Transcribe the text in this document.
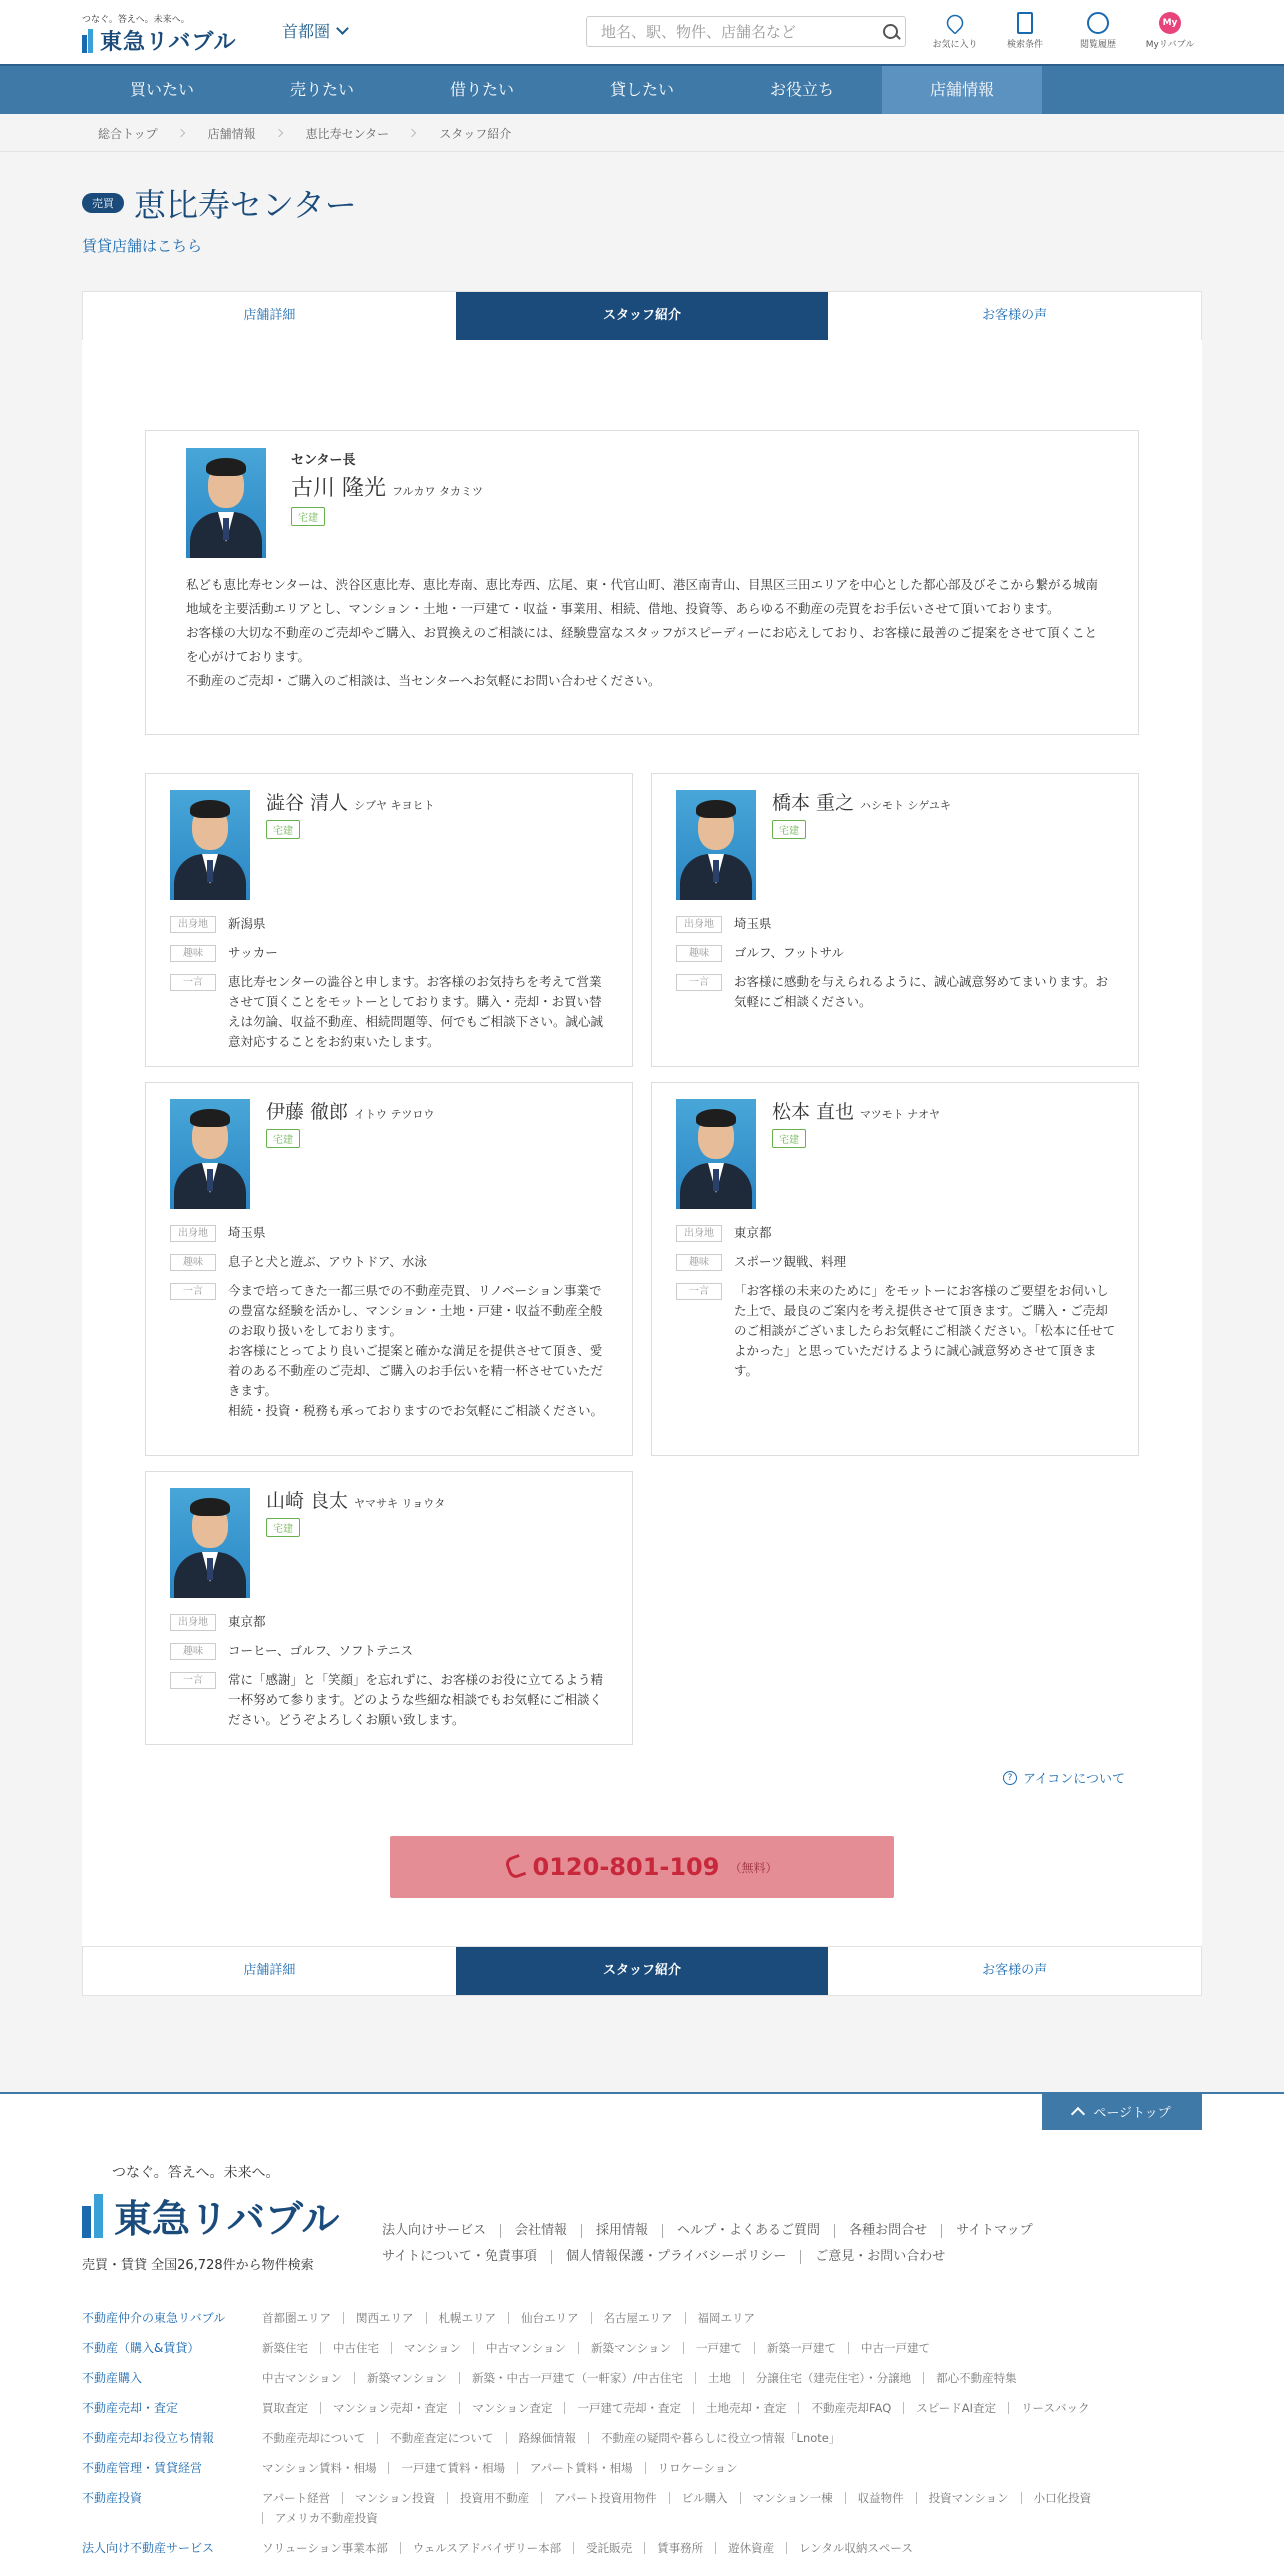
つなぐ。答えへ。未来へ。
東急リバブル	首都圏
地名、駅、物件、店舗名など
お気に入り	検索条件	閲覧履歴
My
Myリバブル
買いたい	売りたい	借りたい	貸したい	お役立ち	店舗情報
総合トップ	店舗情報	恵比寿センター	スタッフ紹介
売買 恵比寿センター
賃貸店舗はこちら
店舗詳細	スタッフ紹介	お客様の声
センター長
古川 隆光 フルカワ タカミツ
宅建

私ども恵比寿センターは、渋谷区恵比寿、恵比寿南、恵比寿西、広尾、東・代官山町、港区南青山、目黒区三田エリアを中心とした都心部及びそこから繋がる城南地域を主要活動エリアとし、マンション・土地・一戸建て・収益・事業用、相続、借地、投資等、あらゆる不動産の売買をお手伝いさせて頂いております。

お客様の大切な不動産のご売却やご購入、お買換えのご相談には、経験豊富なスタッフがスピーディーにお応えしており、お客様に最善のご提案をさせて頂くことを心がけております。

不動産のご売却・ご購入のご相談は、当センターへお気軽にお問い合わせください。

澁谷 清人 シブヤ キヨヒト
宅建
出身地	新潟県
趣味	サッカー
一言	恵比寿センターの澁谷と申します。お客様のお気持ちを考えて営業させて頂くことをモットーとしております。購入・売却・お買い替えは勿論、収益不動産、相続問題等、何でもご相談下さい。誠心誠意対応することをお約束いたします。
橋本 重之 ハシモト シゲユキ
宅建
出身地	埼玉県
趣味	ゴルフ、フットサル
一言	お客様に感動を与えられるように、誠心誠意努めてまいります。お気軽にご相談ください。
伊藤 徹郎 イトウ テツロウ
宅建
出身地	埼玉県
趣味	息子と犬と遊ぶ、アウトドア、水泳
一言	今まで培ってきた一都三県での不動産売買、リノベーション事業での豊富な経験を活かし、マンション・土地・戸建・収益不動産全般のお取り扱いをしております。
お客様にとってより良いご提案と確かな満足を提供させて頂き、愛着のある不動産のご売却、ご購入のお手伝いを精一杯させていただきます。
相続・投資・税務も承っておりますのでお気軽にご相談ください。
松本 直也 マツモト ナオヤ
宅建
出身地	東京都
趣味	スポーツ観戦、料理
一言	「お客様の未来のために」をモットーにお客様のご要望をお伺いした上で、最良のご案内を考え提供させて頂きます。ご購入・ご売却のご相談がございましたらお気軽にご相談ください。「松本に任せてよかった」と思っていただけるように誠心誠意努めさせて頂きます。
山崎 良太 ヤマサキ リョウタ
宅建
出身地	東京都
趣味	コーヒー、ゴルフ、ソフトテニス
一言	常に「感謝」と「笑顔」を忘れずに、お客様のお役に立てるよう精一杯努めて参ります。どのような些細な相談でもお気軽にご相談ください。どうぞよろしくお願い致します。
? アイコンについて
0120-801-109 （無料）
店舗詳細	スタッフ紹介	お客様の声
ページトップ
つなぐ。答えへ。未来へ。
東急リバブル
売買・賃貸 全国26,728件から物件検索
法人向けサービス	会社情報	採用情報	ヘルプ・よくあるご質問	各種お問合せ	サイトマップ
サイトについて・免責事項	個人情報保護・プライバシーポリシー	ご意見・お問い合わせ
不動産仲介の東急リバブル	首都圏エリア	関西エリア	札幌エリア	仙台エリア	名古屋エリア	福岡エリア
不動産（購入&賃貸）	新築住宅	中古住宅	マンション	中古マンション	新築マンション	一戸建て	新築一戸建て	中古一戸建て
不動産購入	中古マンション	新築マンション	新築・中古一戸建て（一軒家）/中古住宅	土地	分譲住宅（建売住宅）・分譲地	都心不動産特集
不動産売却・査定	買取査定	マンション売却・査定	マンション査定	一戸建て売却・査定	土地売却・査定	不動産売却FAQ	スピードAI査定	リースバック
不動産売却お役立ち情報	不動産売却について	不動産査定について	路線価情報	不動産の疑問や暮らしに役立つ情報「Lnote」
不動産管理・賃貸経営	マンション賃料・相場	一戸建て賃料・相場	アパート賃料・相場	リロケーション
不動産投資	アパート経営	マンション投資	投資用不動産	アパート投資用物件	ビル購入	マンション一棟	収益物件	投資マンション	小口化投資
アメリカ不動産投資
法人向け不動産サービス	ソリューション事業本部	ウェルスアドバイザリー本部	受託販売	賃事務所	遊休資産	レンタル収納スペース
